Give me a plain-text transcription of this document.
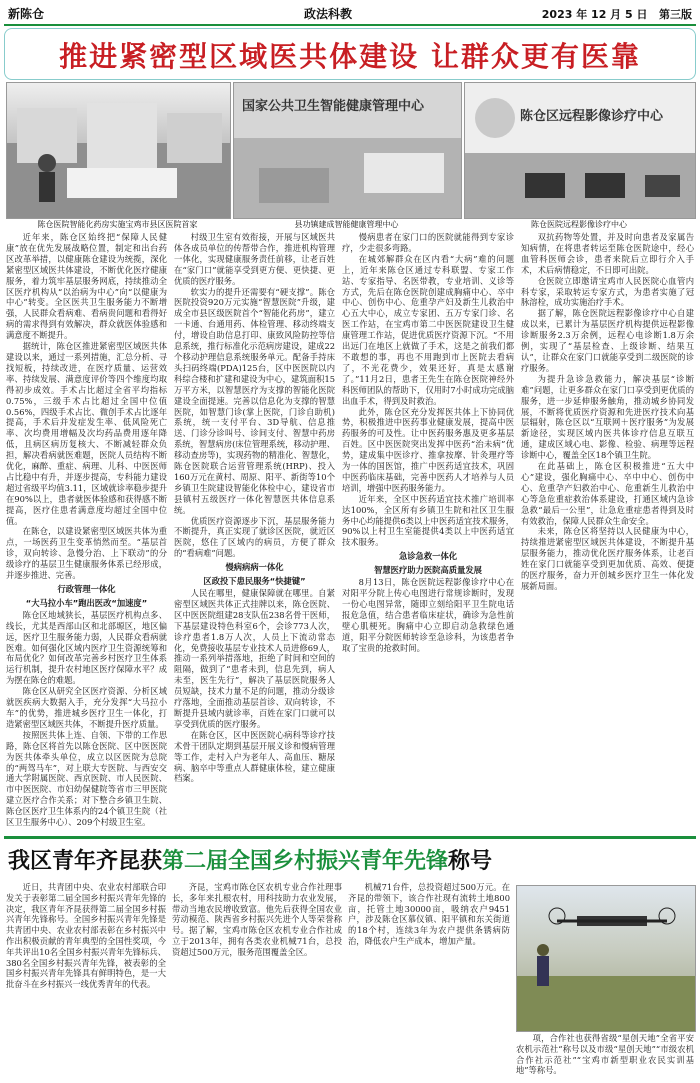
新陈仓	政法科教	2023 年 12 月 5 日 第三版
推进紧密型区域医共体建设 让群众更有医靠
国家公共卫生智能健康管理中心
陈仓区远程影像诊疗中心
陈仓医院智能化药房实施宝鸡市县区医院首家	县功镇建成智能健康管理中心	陈仓医院远程影像诊疗中心

近年来，陈仓区始终把“保障人民健康”放在优先发展战略位置，制定和出台药区改革举措，以健康陈仓建设为统揽，深化紧密型区域医共体建设，不断优化医疗健康服务，着力筑牢基层服务网底，持续推动全区医疗机构从“以治病为中心”向“以健康为中心”转变。全区医共卫生服务能力不断增强，人民群众看病难、看病贵问题和看得好病的需求得到有效解决，群众就医体验感和满意度不断提升。

据统计，陈仓区推进紧密型区域医共体建设以来，通过一系列措施，汇总分析、寻找短板，持续改进，在医疗质量、运营效率、持续发展、满意度评价等四个维度均取得初步成效。手术占比超过全省平均指标0.75%，三级手术占比超过全国中位值0.56%，四级手术占比、微创手术占比逐年提高，手术后并发症发生率、低风险死亡率、次均费用增幅及次均药品费用逐年降低，且病区病历复核大、不断减轻群众负担，解决看病就医难题，医院人员结构不断优化，麻醉、重症、病理、儿科、中医医师占比稳中有升，并逐步提高，专科能力建设超过省级平均值3.11，区域就诊率稳步提升在90%以上，患者就医体验感和获得感不断提高，医疗住患者满意度均超过全国中位值。

在陈仓，以建设紧密型区域医共体为重点，一场医药卫生变革悄然而至。“基层首诊，双向转诊、急慢分治、上下联动”的分级诊疗的基层卫生健康服务体系已经形成，并逐步推进、完善。

行政管理一体化
“大马拉小车”跑出医改“加速度”

陈仓区地域狭长，基层医疗机构点多、线长，尤其是西部山区和北部塬区，地区偏远，医疗卫生服务能力弱，人民群众看病就医难。如何强化区域内医疗卫生资源统筹和布局优化？如何改革完善乡村医疗卫生体系运行机制，提升农村地区医疗保障水平？成为摆在陈仓的难题。

陈仓区从研究全区医疗资源、分析区域就医疾病大数据入手，充分发挥“大马拉小车”的优势，推进城乡医疗卫生一体化，打造紧密型区域医共体，不断提升医疗质量。

按照医共体上连、自领、下带的工作思路，陈仓区将首先以陈仓医院、区中医医院为医共体牵头单位，成立以区医院为总院的“两驾马车”，对上联大专医院、与西安交通大学附属医院、西京医院、市人民医院、市中医医院、市妇幼保健院等省市三甲医院建立医疗合作关系；对下整合乡镇卫生院、陈仓区医疗卫生体系内的24个镇卫生院（社区卫生服务中心）、209个村级卫生室。

村级卫生室有效衔接，开展与区域医共体各成员单位的传帮带合作，推进机构管理一体化，实现健康服务责任前移，让老百姓在“家门口”就能享受到更方便、更快捷、更优质的医疗服务。

软实力的提升还需要有“硬支撑”。陈仓医院投资920万元实施“智慧医院”升级，建成全市县区级医院首个“智能化药房”，建立一卡通、台通用药、体检管理、移动终端支付，增设自助信息打印、康致风险防控等信息系统，推行标准化示范病房建设，建成22个移动护理信息系统服务单元。配备手持床头扫码终端(PDA)125台，区中医医院以内科综合楼和扩建和建设为中心，建筑面积15万平方米，以智慧医疗为支撑的智能化医院建设全面提速。完善以信息化为支撑的智慧医院，如智慧门诊(掌上医院，门诊自助机)系统，统一支付平台、3D导航、信息推送、门诊分诊叫号、诊间支付、智慧中药房系统，智慧病房(床位管理系统，移动护理、移动查房等)，实现药物的精准化、智慧化，陈仓医院联合运营管理系统(HRP)、投入160万元在黄村、周原、阳平、新街等10个乡镇卫生院建设智能化体检中心，建设省市县镇村五级医疗一体化智慧医共体信息系统。

优质医疗资源逐步下沉，基层服务能力不断提升，真正实现了就诊区医院，就近区医院，悠住了区域内的病员，方便了群众的“看病难”问题。

慢病病病一体化
区政投下患民服务“快捷键”

人民在哪里，健康保障就在哪里。自紧密型区域医共体正式挂牌以来，陈仓医院、区中医医院组建28支队伍238名骨干医师，下基层建设特色科室6个，会诊773人次，诊疗患者1.8万人次，人员上下流动常态化，免费接收基层专业技术人员进修69人，推动一系列举措落地，拒绝了时间和空间的阻隔，做到了“患者未到，信息先到，病人未至，医生先行”，解决了基层医院服务人员短缺，技术力量不足的问题，推动分级诊疗落地，全面推动基层首诊、双向转诊，不断提升县域内就诊率，百姓在家门口就可以享受到优质的医疗服务。

在陈仓区，区中医医院心病科等诊疗技术骨干团队定期到基层开展义诊和慢病管理等工作，走村入户为老年人、高血压、糖尿病、脑卒中等重点人群健康体检，建立健康档案。

慢病患者在家门口的医院就能得到专家诊疗，少走很多弯路。

在城郊解群众在区内看“大病”难的问题上，近年来陈仓区通过专科联盟、专家工作站、专家指导、名医带教，专业培训、义诊等方式，先后在陈仓医院创建成胸痛中心、卒中中心、创伤中心、危重孕产妇及新生儿救治中心五大中心，成立专家团、五万专家门诊、名医工作站，在宝鸡市第二中医医院建设卫生健康管理工作站，促进优质医疗资源下沉。“不用出远门在地区上就做了手术，这是之前我们都不敢想的事，再也不用跑到市上医院去看病了，不光花费少，效果还好，真是太感谢了。”11月2日，患者王先生在陈仓医院神经外科医师团队的帮助下，仅用时7小时成功完成脑出血手术，得到及时救治。

此外，陈仓区充分发挥医共体上下协同优势，积极推进中医药事业健康发展，提高中医药服务的可及性。让中医药服务惠及更多基层百姓。区中医医院突出发挥中医药“治未病”优势，建成集中医诊疗、推拿按摩、针灸理疗等为一体的国医馆，推广中医药适宜技术，巩固中医药临床基础，完善中医药人才培养与人员培训，增强中医药服务能力。

近年来，全区中医药适宜技术推广培训率达100%，全区所有乡镇卫生院和社区卫生服务中心均能提供6类以上中医药适宜技术服务，90%以上村卫生室能提供4类以上中医药适宜技术服务。

急诊急救一体化
智慧医疗助力医院高质量发展

8月13日，陈仓医院远程影像诊疗中心在对阳平分院上传心电图进行常规诊断时，发现一份心电图异常，随即立刻给阳平卫生院电话报危急值，结合患者临床症状，确诊为急性前壁心肌梗死。胸痛中心立即启动急救绿色通道，阳平分院医师转诊至急诊科，为该患者争取了宝贵的抢救时间。

双抗药物等处置，并及时向患者及家属告知病情，在将患者转运至陈仓医院途中，经心血管科医师会诊，患者来院后立即行介入手术，术后病情稳定，不日即可出院。

仓医院立即邀请宝鸡市人民医院心血管内科专家，采取转运专家方式，为患者实施了冠脉溶栓，成功实施治疗手术。

据了解，陈仓医院远程影像诊疗中心自建成以来，已累计为基层医疗机构提供远程影像诊断服务2.3万余例，远程心电诊断1.8万余例，实现了“基层检查、上级诊断、结果互认”，让群众在家门口就能享受到二级医院的诊疗服务。

为提升急诊急救能力，解决基层“诊断难”问题，让更多群众在家门口享受到更优质的服务，进一步延伸服务触角，推动城乡协同发展，不断将优质医疗资源和先进医疗技术向基层辐射，陈仓区以“互联网＋医疗服务”为发展新途径，实现区域内医共体诊疗信息互联互通，建成区域心电、影像、检验、病理等远程诊断中心，覆盖全区18个镇卫生院。

在此基础上，陈仓区积极推进“五大中心”建设，强化胸痛中心、卒中中心、创伤中心、危重孕产妇救治中心、危重新生儿救治中心等急危重症救治体系建设，打通区域内急诊急救“最后一公里”，让急危重症患者得到及时有效救治，保障人民群众生命安全。

未来，陈仓区将坚持以人民健康为中心，持续推进紧密型区域医共体建设，不断提升基层服务能力，推动优化医疗服务体系，让老百姓在家门口就能享受到更加优质、高效、便捷的医疗服务，奋力开创城乡医疗卫生一体化发展新局面。

我区青年齐昆获第二届全国乡村振兴青年先锋称号

近日，共青团中央、农业农村部联合印发关于表彰第二届全国乡村振兴青年先锋的决定，我区青年齐昆获得第二届全国乡村振兴青年先锋称号。全国乡村振兴青年先锋是共青团中央、农业农村部表彰在乡村振兴中作出积极贡献的青年典型的全国性奖项，今年共评出10名全国乡村振兴青年先锋标兵、380名全国乡村振兴青年先锋，被表彰的全国乡村振兴青年先锋具有鲜明特色，是一大批奋斗在乡村振兴一线优秀青年的代表。

齐昆，宝鸡市陈仓区农机专业合作社理事长，多年来扎根农村，用科技助力农业发展，带动当地农民增收致富。他先后获得全国农业劳动模范、陕西省乡村振兴先进个人等荣誉称号。据了解，宝鸡市陈仓区农机专业合作社成立于2013年，拥有各类农业机械71台，总投资超过500万元，服务范围覆盖全区。

机械71台件，总投资超过500万元。在齐昆的带领下，该合作社现有流转土地800亩，托管土地30000亩，吸纳农户9451户，涉及陈仓区慕仪镇、阳平镇和东关街道的18个村，连续3年为农户提供条锈病防治，降低农户生产成本，增加产量。

项，合作社也获得省级“星创天地”全省平安农机示范社“称号以及市级“星创天地”“市级农机合作社示范社”“宝鸡市新型职业农民实训基地”等称号。
